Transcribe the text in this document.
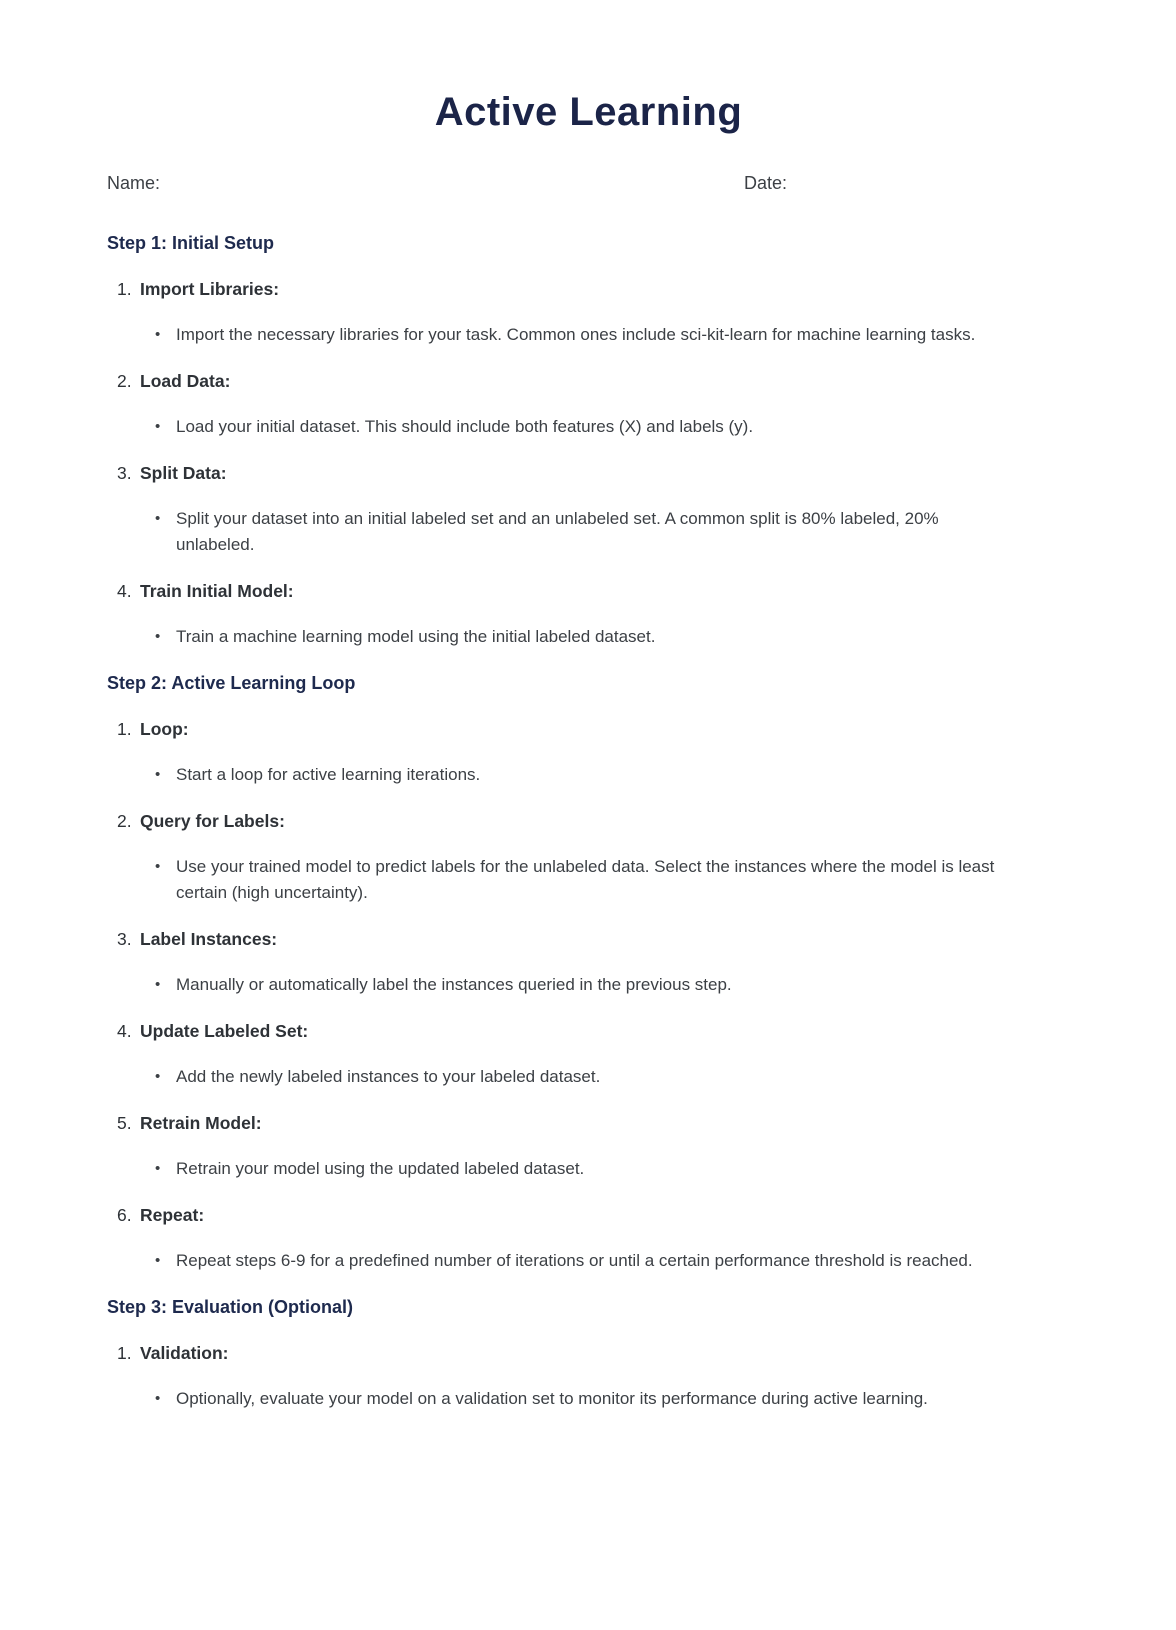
Active Learning
Name:	Date:
Step 1: Initial Setup
1. Import Libraries:
• Import the necessary libraries for your task. Common ones include sci-kit-learn for machine learning tasks.
2. Load Data:
• Load your initial dataset. This should include both features (X) and labels (y).
3. Split Data:
• Split your dataset into an initial labeled set and an unlabeled set. A common split is 80% labeled, 20% unlabeled.
4. Train Initial Model:
• Train a machine learning model using the initial labeled dataset.
Step 2: Active Learning Loop
1. Loop:
• Start a loop for active learning iterations.
2. Query for Labels:
• Use your trained model to predict labels for the unlabeled data. Select the instances where the model is least certain (high uncertainty).
3. Label Instances:
• Manually or automatically label the instances queried in the previous step.
4. Update Labeled Set:
• Add the newly labeled instances to your labeled dataset.
5. Retrain Model:
• Retrain your model using the updated labeled dataset.
6. Repeat:
• Repeat steps 6-9 for a predefined number of iterations or until a certain performance threshold is reached.
Step 3: Evaluation (Optional)
1. Validation:
• Optionally, evaluate your model on a validation set to monitor its performance during active learning.
